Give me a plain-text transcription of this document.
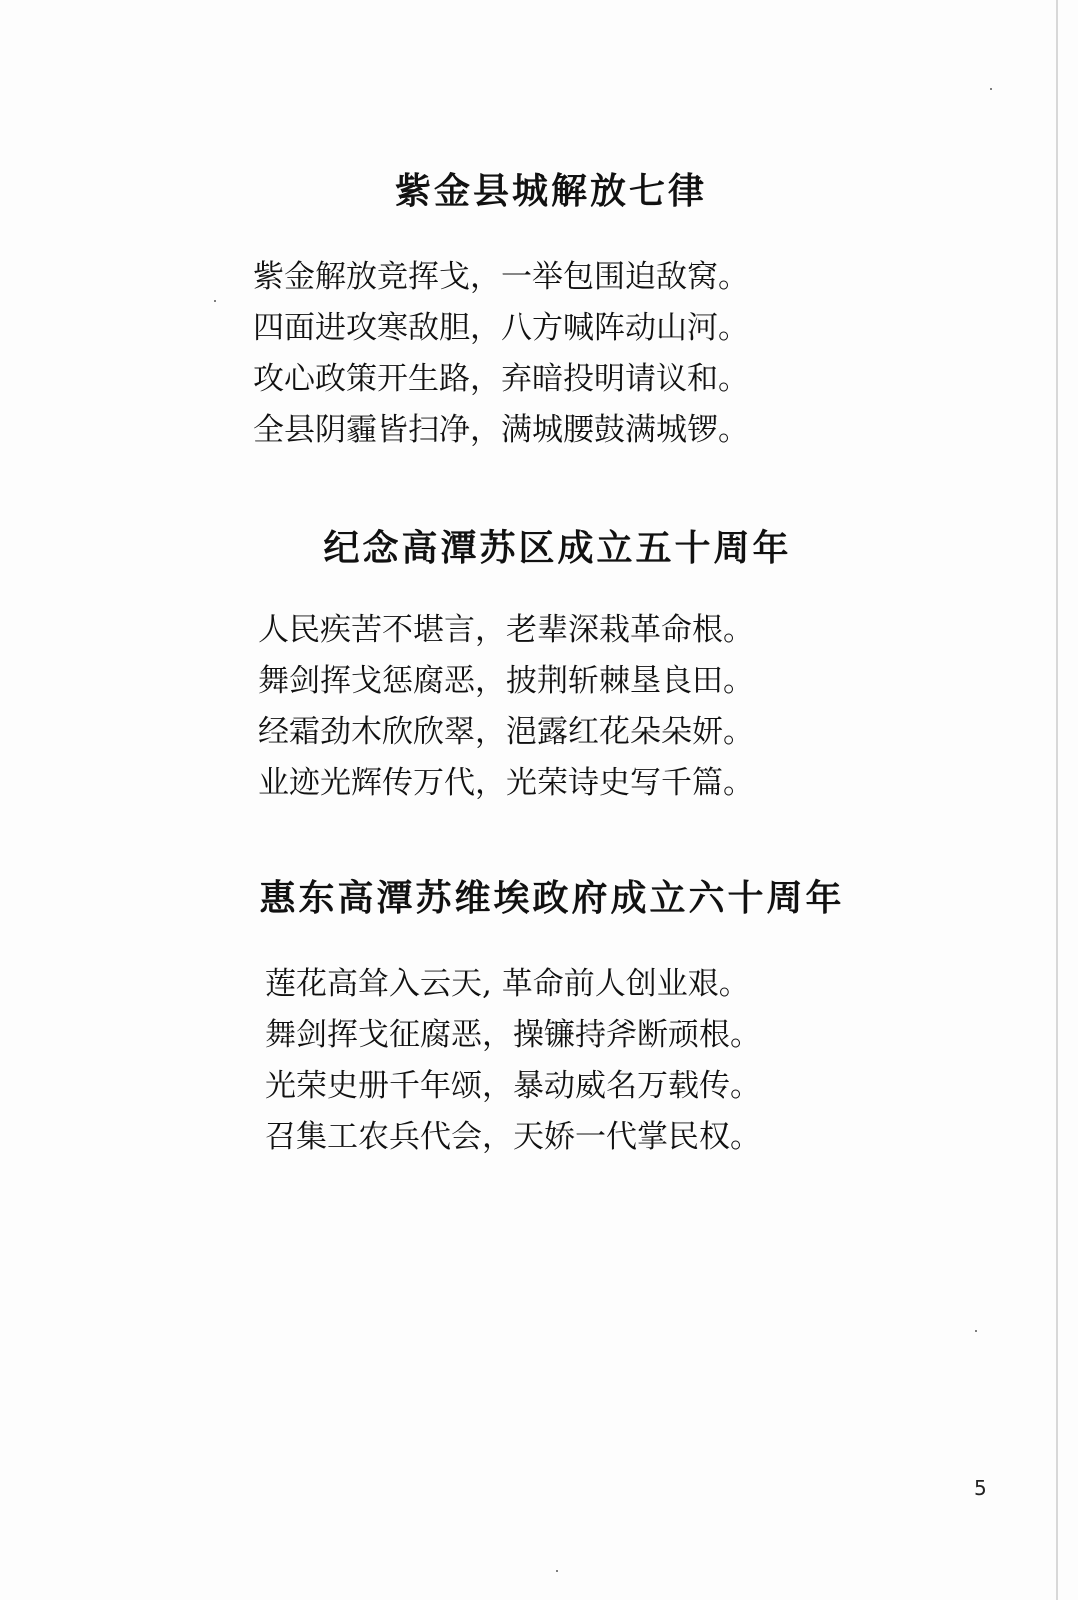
紫金县城解放七律
紫金解放竞挥戈，一举包围迫敌窝。
四面进攻寒敌胆，八方喊阵动山河。
攻心政策开生路，弃暗投明请议和。
全县阴霾皆扫净，满城腰鼓满城锣。
纪念高潭苏区成立五十周年
人民疾苦不堪言，老辈深栽革命根。
舞剑挥戈惩腐恶，披荆斩棘垦良田。
经霜劲木欣欣翠，浥露红花朵朵妍。
业迹光辉传万代，光荣诗史写千篇。
惠东高潭苏维埃政府成立六十周年
莲花高耸入云天, 革命前人创业艰。
舞剑挥戈征腐恶，操镰持斧断顽根。
光荣史册千年颂，暴动威名万载传。
召集工农兵代会，天娇一代掌民权。
5
